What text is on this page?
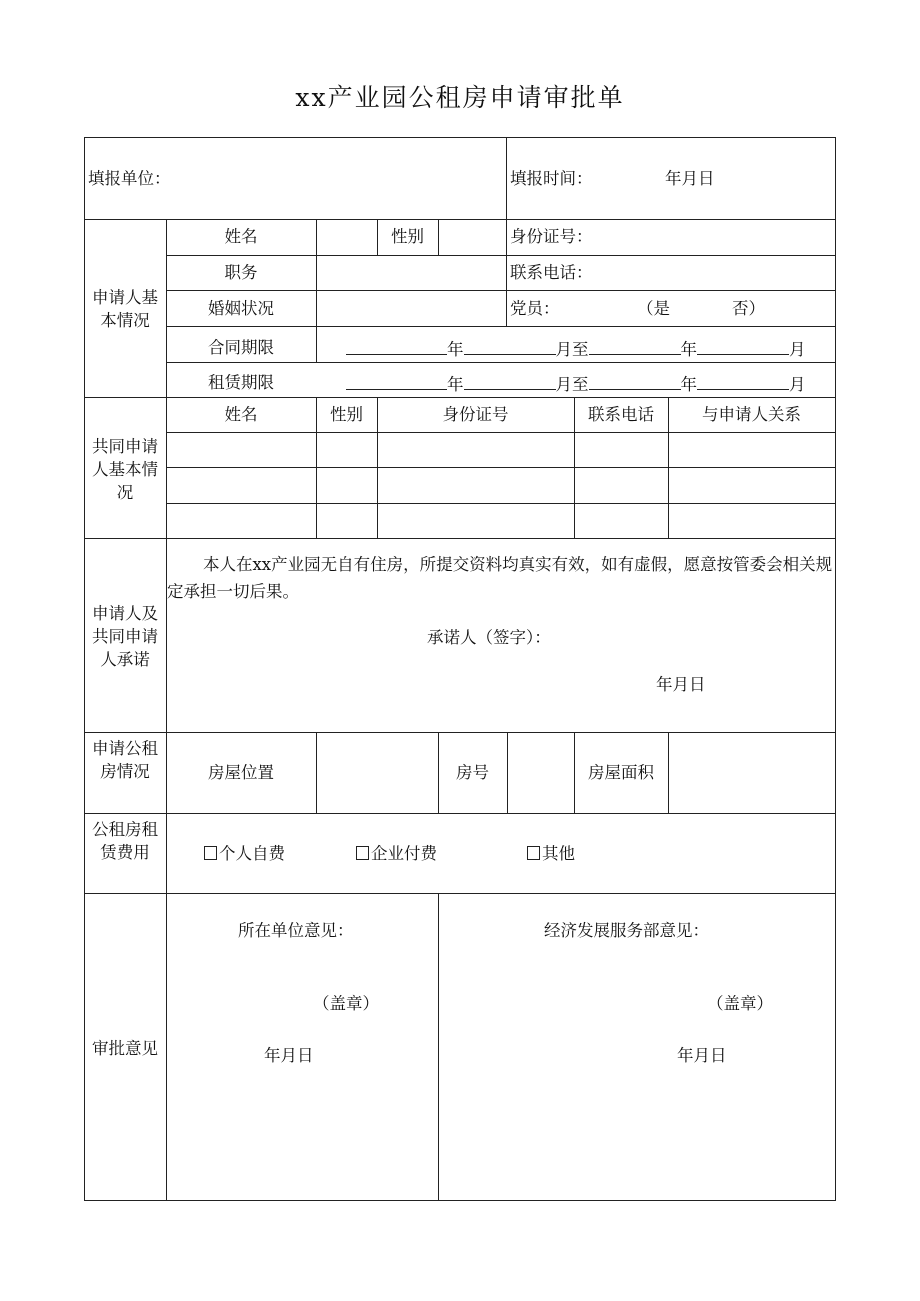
xx产业园公租房申请审批单
填报单位：	填报时间：	年月日
申请人基本情况
姓名	性别	身份证号：
职务	联系电话：
婚姻状况	党员：	（是	否）
合同期限	年	月至	年	月
租赁期限	年	月至	年	月
共同申请人基本情况
姓名	性别	身份证号	联系电话	与申请人关系
申请人及共同申请人承诺
本人在xx产业园无自有住房，所提交资料均真实有效，如有虚假，愿意按管委会相关规定承担一切后果。
承诺人（签字）：
年月日
申请公租房情况	房屋位置	房号	房屋面积
公租房租赁费用	个人自费	企业付费	其他
审批意见
所在单位意见：
（盖章）
年月日
经济发展服务部意见：
（盖章）
年月日
